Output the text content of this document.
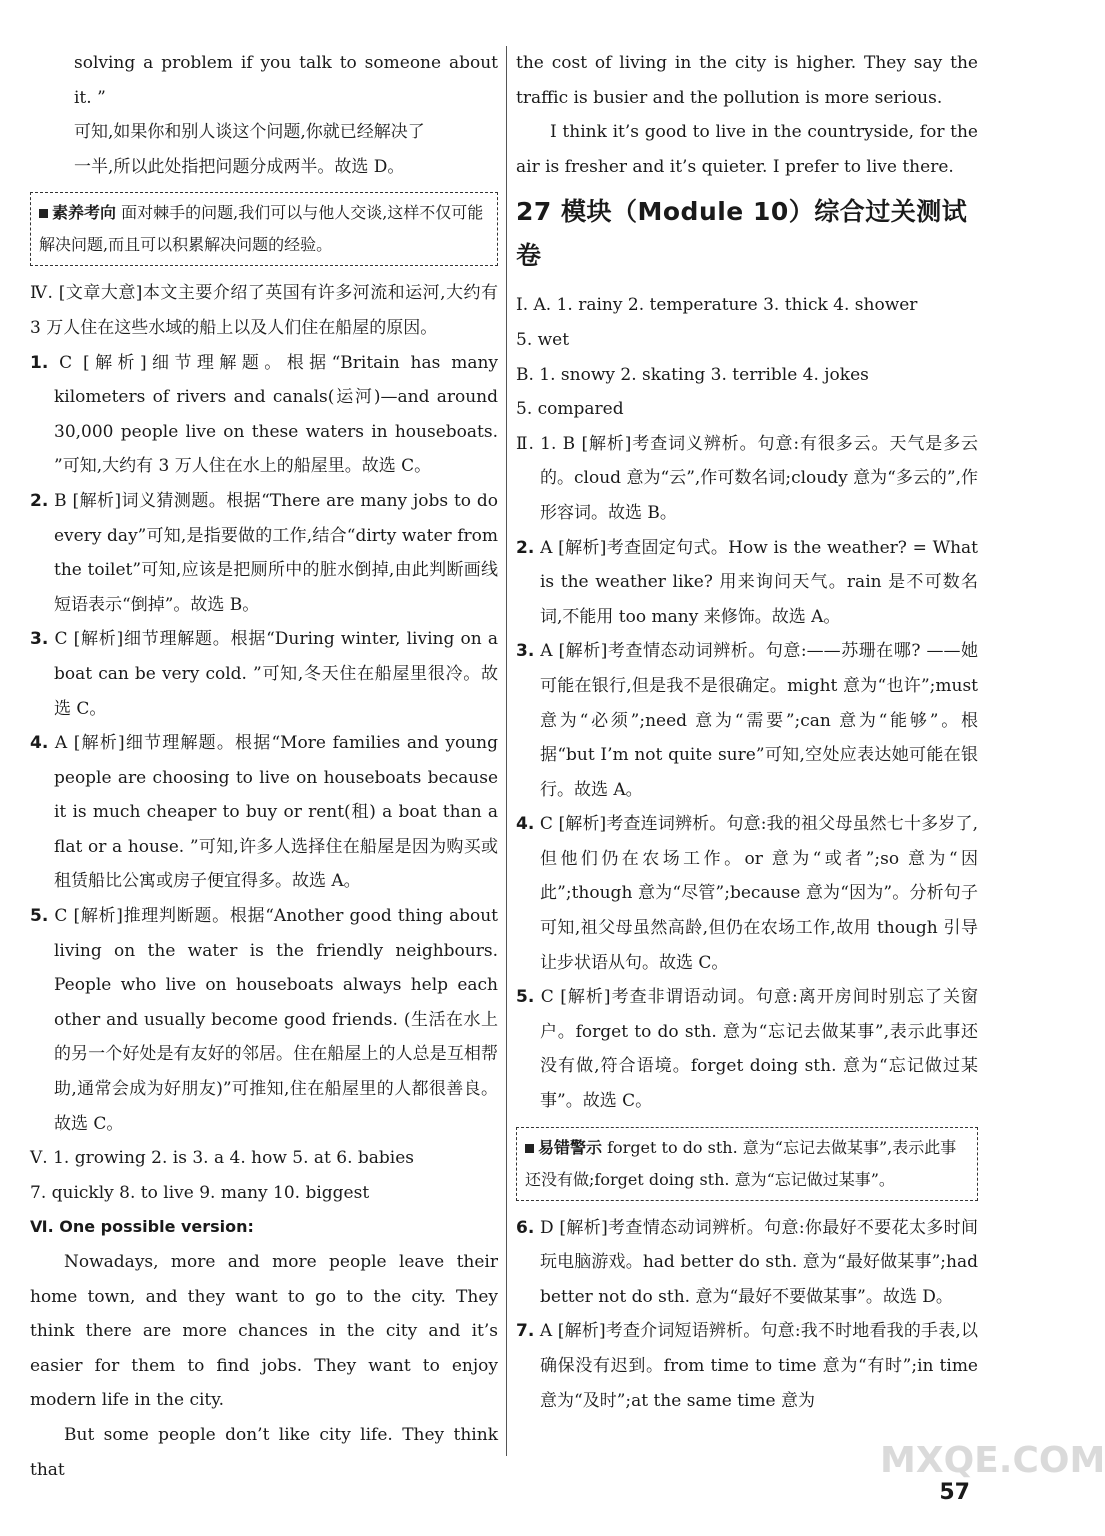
solving a problem if you talk to someone about it. ”

可知,如果你和别人谈这个问题,你就已经解决了

一半,所以此处指把问题分成两半。故选 D。

素养考向 面对棘手的问题,我们可以与他人交谈,这样不仅可能解决问题,而且可以积累解决问题的经验。

Ⅳ. [文章大意]本文主要介绍了英国有许多河流和运河,大约有 3 万人住在这些水域的船上以及人们住在船屋的原因。

1. C [解析]细节理解题。根据“Britain has many kilometers of rivers and canals(运河)—and around 30,000 people live on these waters in houseboats. ”可知,大约有 3 万人住在水上的船屋里。故选 C。

2. B [解析]词义猜测题。根据“There are many jobs to do every day”可知,是指要做的工作,结合“dirty water from the toilet”可知,应该是把厕所中的脏水倒掉,由此判断画线短语表示“倒掉”。故选 B。

3. C [解析]细节理解题。根据“During winter, living on a boat can be very cold. ”可知,冬天住在船屋里很冷。故选 C。

4. A [解析]细节理解题。根据“More families and young people are choosing to live on houseboats because it is much cheaper to buy or rent(租) a boat than a flat or a house. ”可知,许多人选择住在船屋是因为购买或租赁船比公寓或房子便宜得多。故选 A。

5. C [解析]推理判断题。根据“Another good thing about living on the water is the friendly neighbours. People who live on houseboats always help each other and usually become good friends. (生活在水上的另一个好处是有友好的邻居。住在船屋上的人总是互相帮助,通常会成为好朋友)”可推知,住在船屋里的人都很善良。故选 C。

Ⅴ. 1. growing 2. is 3. a 4. how 5. at 6. babies

7. quickly 8. to live 9. many 10. biggest

Ⅵ. One possible version:

Nowadays, more and more people leave their home town, and they want to go to the city. They think there are more chances in the city and it’s easier for them to find jobs. They want to enjoy modern life in the city.

But some people don’t like city life. They think that

the cost of living in the city is higher. They say the traffic is busier and the pollution is more serious.

I think it’s good to live in the countryside, for the air is fresher and it’s quieter. I prefer to live there.

27 模块（Module 10）综合过关测试卷

Ⅰ. A. 1. rainy 2. temperature 3. thick 4. shower

5. wet

B. 1. snowy 2. skating 3. terrible 4. jokes

5. compared

Ⅱ. 1. B [解析]考查词义辨析。句意:有很多云。天气是多云的。cloud 意为“云”,作可数名词;cloudy 意为“多云的”,作形容词。故选 B。

2. A [解析]考查固定句式。How is the weather? = What is the weather like? 用来询问天气。rain 是不可数名词,不能用 too many 来修饰。故选 A。

3. A [解析]考查情态动词辨析。句意:——苏珊在哪? ——她可能在银行,但是我不是很确定。might 意为“也许”;must 意为“必须”;need 意为“需要”;can 意为“能够”。根据“but I’m not quite sure”可知,空处应表达她可能在银行。故选 A。

4. C [解析]考查连词辨析。句意:我的祖父母虽然七十多岁了,但他们仍在农场工作。or 意为“或者”;so 意为“因此”;though 意为“尽管”;because 意为“因为”。分析句子可知,祖父母虽然高龄,但仍在农场工作,故用 though 引导让步状语从句。故选 C。

5. C [解析]考查非谓语动词。句意:离开房间时别忘了关窗户。forget to do sth. 意为“忘记去做某事”,表示此事还没有做,符合语境。forget doing sth. 意为“忘记做过某事”。故选 C。

易错警示 forget to do sth. 意为“忘记去做某事”,表示此事还没有做;forget doing sth. 意为“忘记做过某事”。

6. D [解析]考查情态动词辨析。句意:你最好不要花太多时间玩电脑游戏。had better do sth. 意为“最好做某事”;had better not do sth. 意为“最好不要做某事”。故选 D。

7. A [解析]考查介词短语辨析。句意:我不时地看我的手表,以确保没有迟到。from time to time 意为“有时”;in time 意为“及时”;at the same time 意为

MXQE.COM
57
